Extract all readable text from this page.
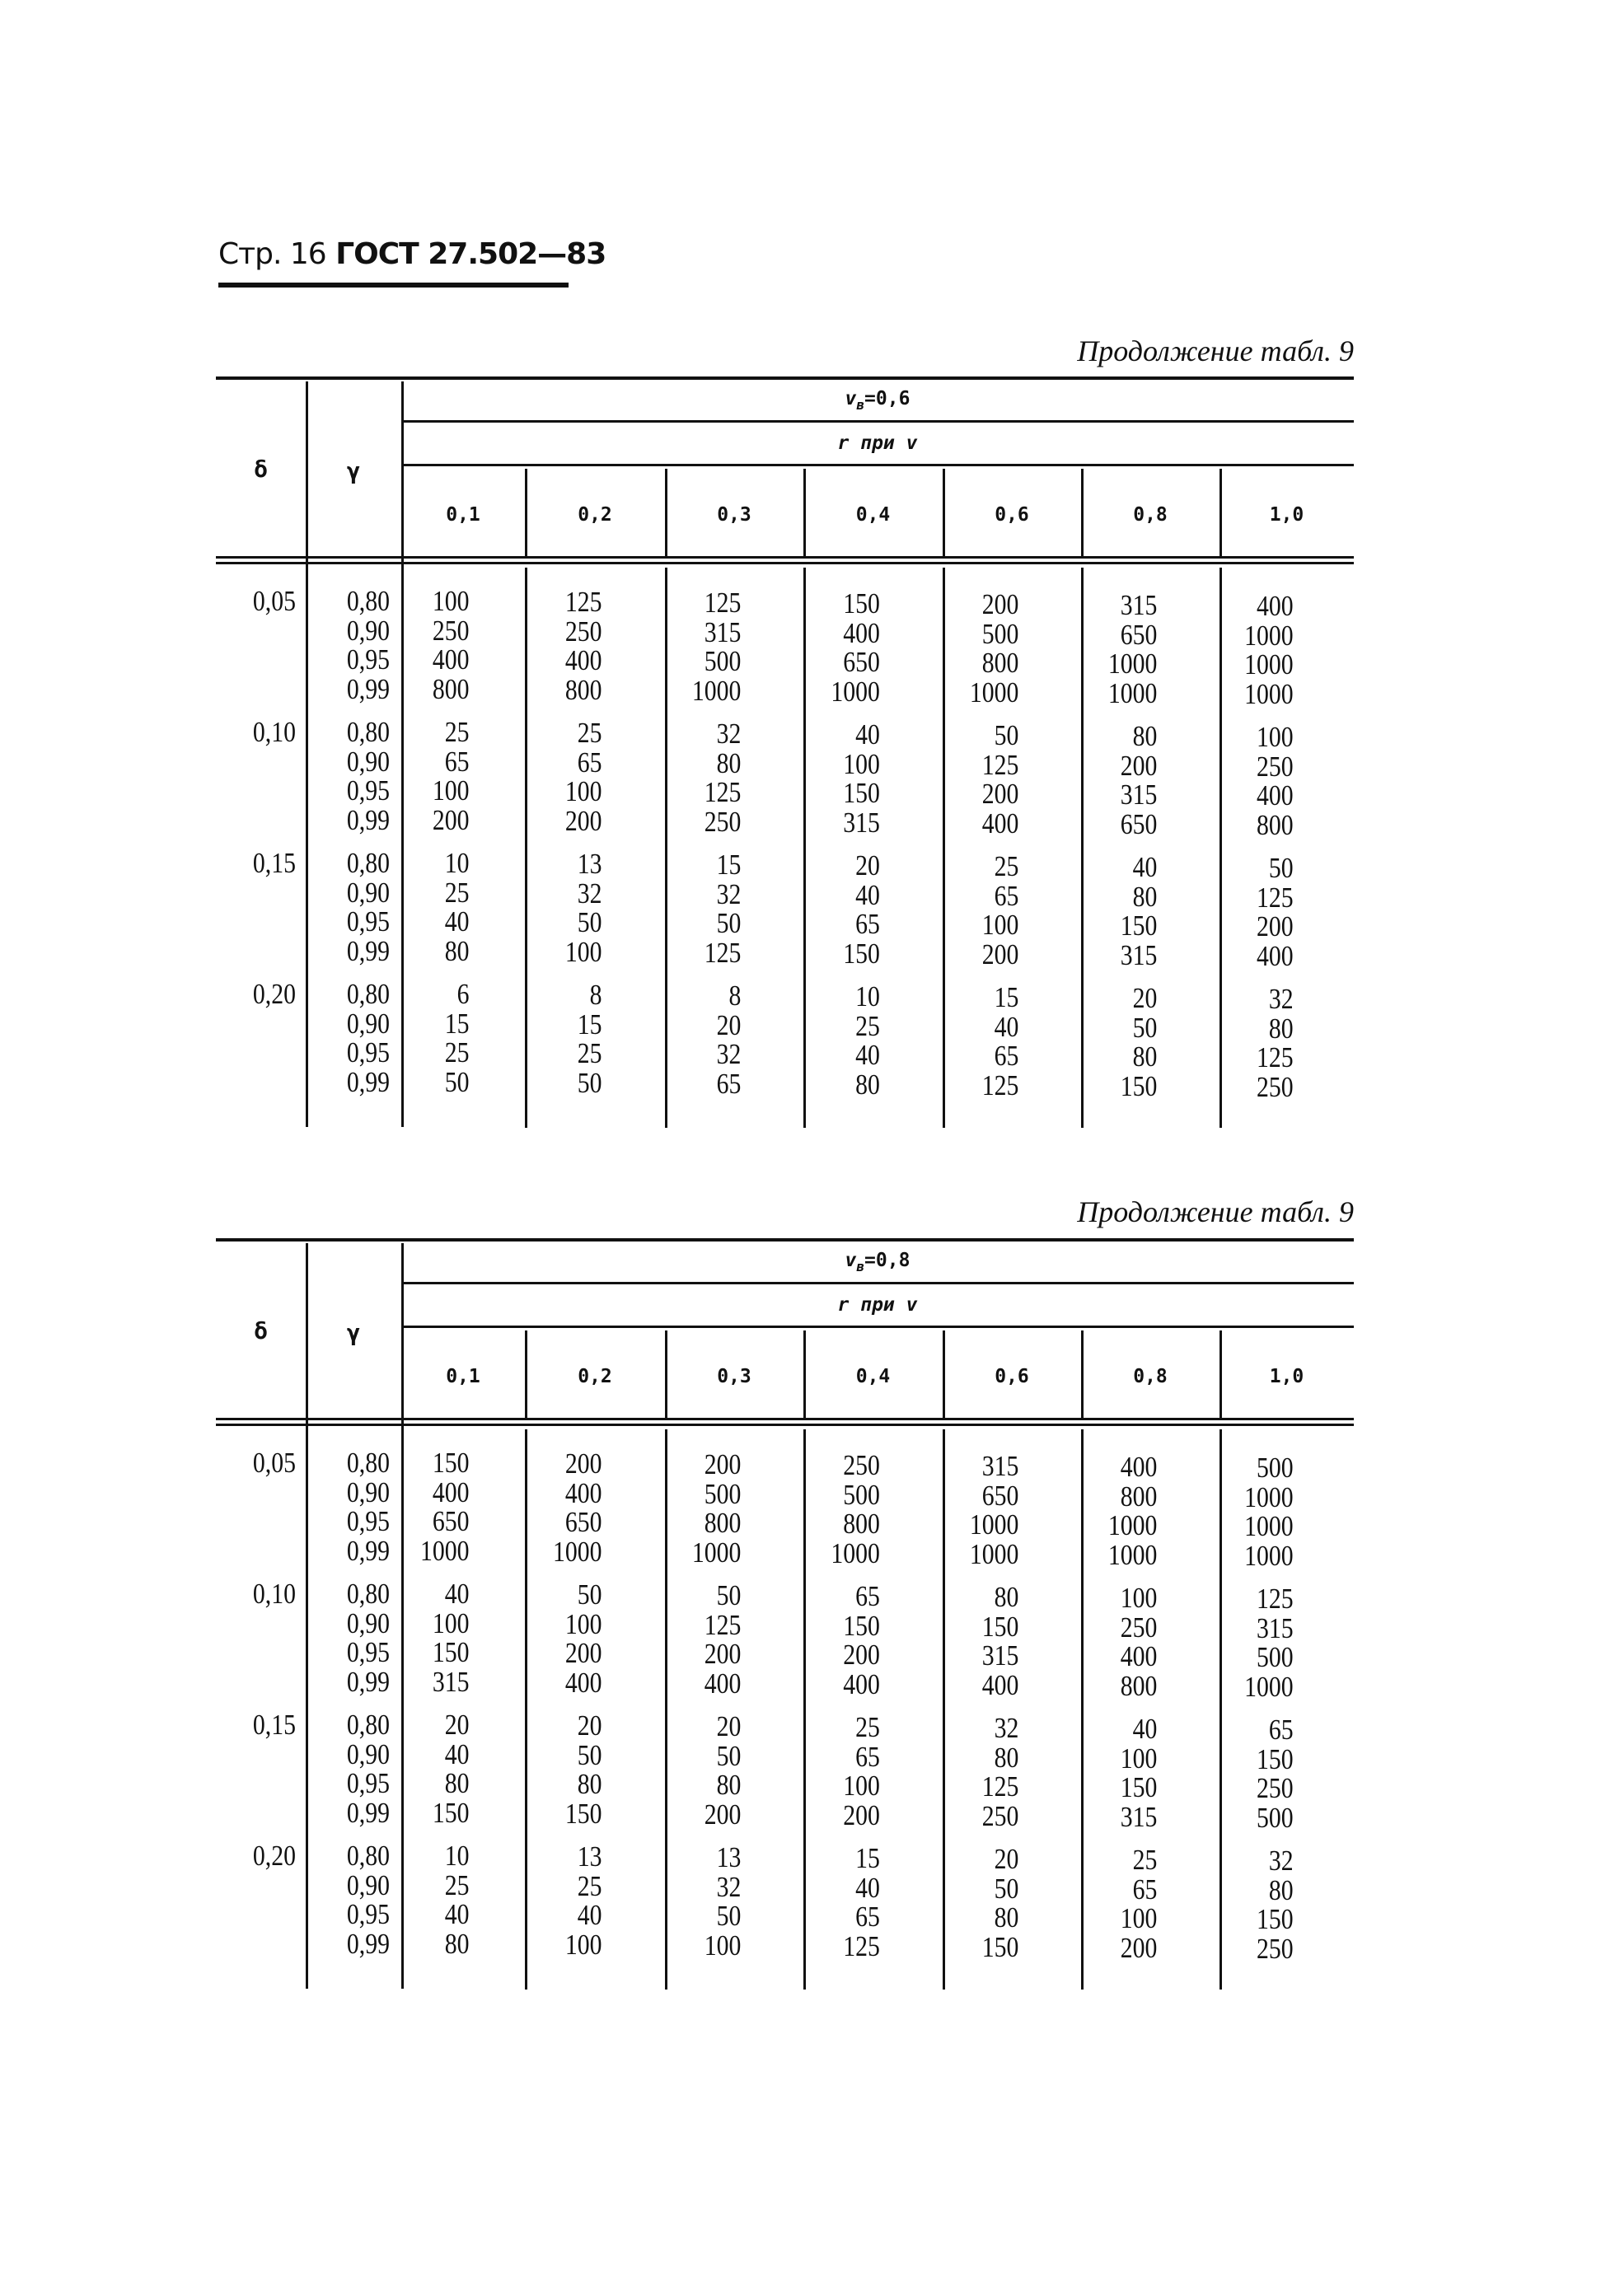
Стр. 16 ГОСТ 27.502—83
δ	γ
$v_в=0,6$
r при v
0,1	0,2	0,3	0,4	0,6	0,8	1,0
0,05	0,80	100	125	125	150	200	315	400
0,90	250	250	315	400	500	650	1000
0,95	400	400	500	650	800	1000	1000
0,99	800	800	1000	1000	1000	1000	1000
0,10	0,80	25	25	32	40	50	80	100
0,90	65	65	80	100	125	200	250
0,95	100	100	125	150	200	315	400
0,99	200	200	250	315	400	650	800
0,15	0,80	10	13	15	20	25	40	50
0,90	25	32	32	40	65	80	125
0,95	40	50	50	65	100	150	200
0,99	80	100	125	150	200	315	400
0,20	0,80	6	8	8	10	15	20	32
0,90	15	15	20	25	40	50	80
0,95	25	25	32	40	65	80	125
0,99	50	50	65	80	125	150	250
δ	γ
$v_в=0,8$
r при v
0,1	0,2	0,3	0,4	0,6	0,8	1,0
0,05	0,80	150	200	200	250	315	400	500
0,90	400	400	500	500	650	800	1000
0,95	650	650	800	800	1000	1000	1000
0,99	1000	1000	1000	1000	1000	1000	1000
0,10	0,80	40	50	50	65	80	100	125
0,90	100	100	125	150	150	250	315
0,95	150	200	200	200	315	400	500
0,99	315	400	400	400	400	800	1000
0,15	0,80	20	20	20	25	32	40	65
0,90	40	50	50	65	80	100	150
0,95	80	80	80	100	125	150	250
0,99	150	150	200	200	250	315	500
0,20	0,80	10	13	13	15	20	25	32
0,90	25	25	32	40	50	65	80
0,95	40	40	50	65	80	100	150
0,99	80	100	100	125	150	200	250
Продолжение табл. 9
Продолжение табл. 9
